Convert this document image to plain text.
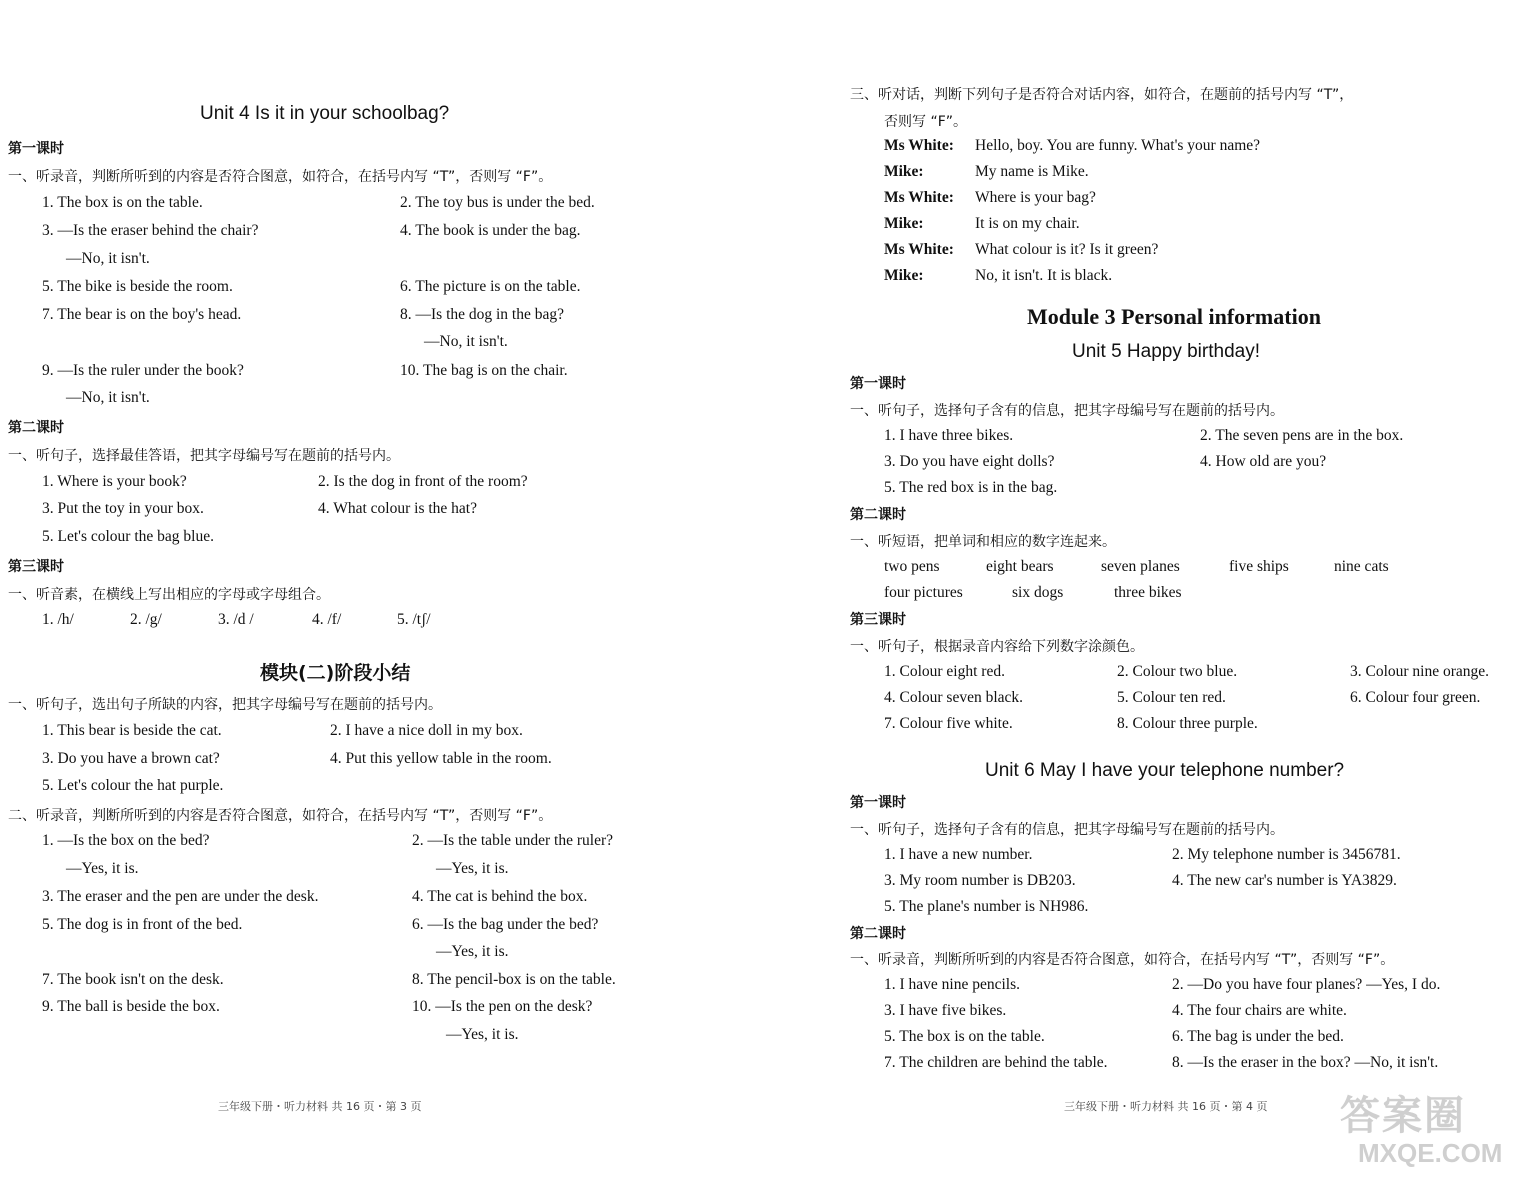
Unit 4 Is it in your schoolbag?
第一课时
一、听录音，判断所听到的内容是否符合图意，如符合，在括号内写 “T”，否则写 “F”。
1. The box is on the table.	2. The toy bus is under the bed.
3. —Is the eraser behind the chair?	4. The book is under the bag.
—No, it isn't.
5. The bike is beside the room.	6. The picture is on the table.
7. The bear is on the boy's head.	8. —Is the dog in the bag?
—No, it isn't.
9. —Is the ruler under the book?	10. The bag is on the chair.
—No, it isn't.
第二课时
一、听句子，选择最佳答语，把其字母编号写在题前的括号内。
1. Where is your book?	2. Is the dog in front of the room?
3. Put the toy in your box.	4. What colour is the hat?
5. Let's colour the bag blue.
第三课时
一、听音素，在横线上写出相应的字母或字母组合。
1. /h/	2. /g/	3. /d /	4. /f/	5. /tʃ/
模块(二)阶段小结
一、听句子，选出句子所缺的内容，把其字母编号写在题前的括号内。
1. This bear is beside the cat.	2. I have a nice doll in my box.
3. Do you have a brown cat?	4. Put this yellow table in the room.
5. Let's colour the hat purple.
二、听录音，判断所听到的内容是否符合图意，如符合，在括号内写 “T”，否则写 “F”。
1. —Is the box on the bed?	2. —Is the table under the ruler?
—Yes, it is.	—Yes, it is.
3. The eraser and the pen are under the desk.	4. The cat is behind the box.
5. The dog is in front of the bed.	6. —Is the bag under the bed?
—Yes, it is.
7. The book isn't on the desk.	8. The pencil-box is on the table.
9. The ball is beside the box.	10. —Is the pen on the desk?
—Yes, it is.
三年级下册・听力材料 共 16 页・第 3 页
三、听对话，判断下列句子是否符合对话内容，如符合，在题前的括号内写 “T”，
否则写 “F”。
Ms White: Hello, boy. You are funny. What's your name?
Mike:	My name is Mike.
Ms White: Where is your bag?
Mike:	It is on my chair.
Ms White: What colour is it? Is it green?
Mike:	No, it isn't. It is black.
Module 3 Personal information
Unit 5 Happy birthday!
第一课时
一、听句子，选择句子含有的信息，把其字母编号写在题前的括号内。
1. I have three bikes.	2. The seven pens are in the box.
3. Do you have eight dolls?	4. How old are you?
5. The red box is in the bag.
第二课时
一、听短语，把单词和相应的数字连起来。
two pens	eight bears	seven planes	five ships	nine cats
four pictures	six dogs	three bikes
第三课时
一、听句子，根据录音内容给下列数字涂颜色。
1. Colour eight red.	2. Colour two blue.	3. Colour nine orange.
4. Colour seven black.	5. Colour ten red.	6. Colour four green.
7. Colour five white.	8. Colour three purple.
Unit 6 May I have your telephone number?
第一课时
一、听句子，选择句子含有的信息，把其字母编号写在题前的括号内。
1. I have a new number.	2. My telephone number is 3456781.
3. My room number is DB203.	4. The new car's number is YA3829.
5. The plane's number is NH986.
第二课时
一、听录音，判断所听到的内容是否符合图意，如符合，在括号内写 “T”，否则写 “F”。
1. I have nine pencils.	2. —Do you have four planes? —Yes, I do.
3. I have five bikes.	4. The four chairs are white.
5. The box is on the table.	6. The bag is under the bed.
7. The children are behind the table.	8. —Is the eraser in the box? —No, it isn't.
三年级下册・听力材料 共 16 页・第 4 页 答案圈
MXQE.COM
